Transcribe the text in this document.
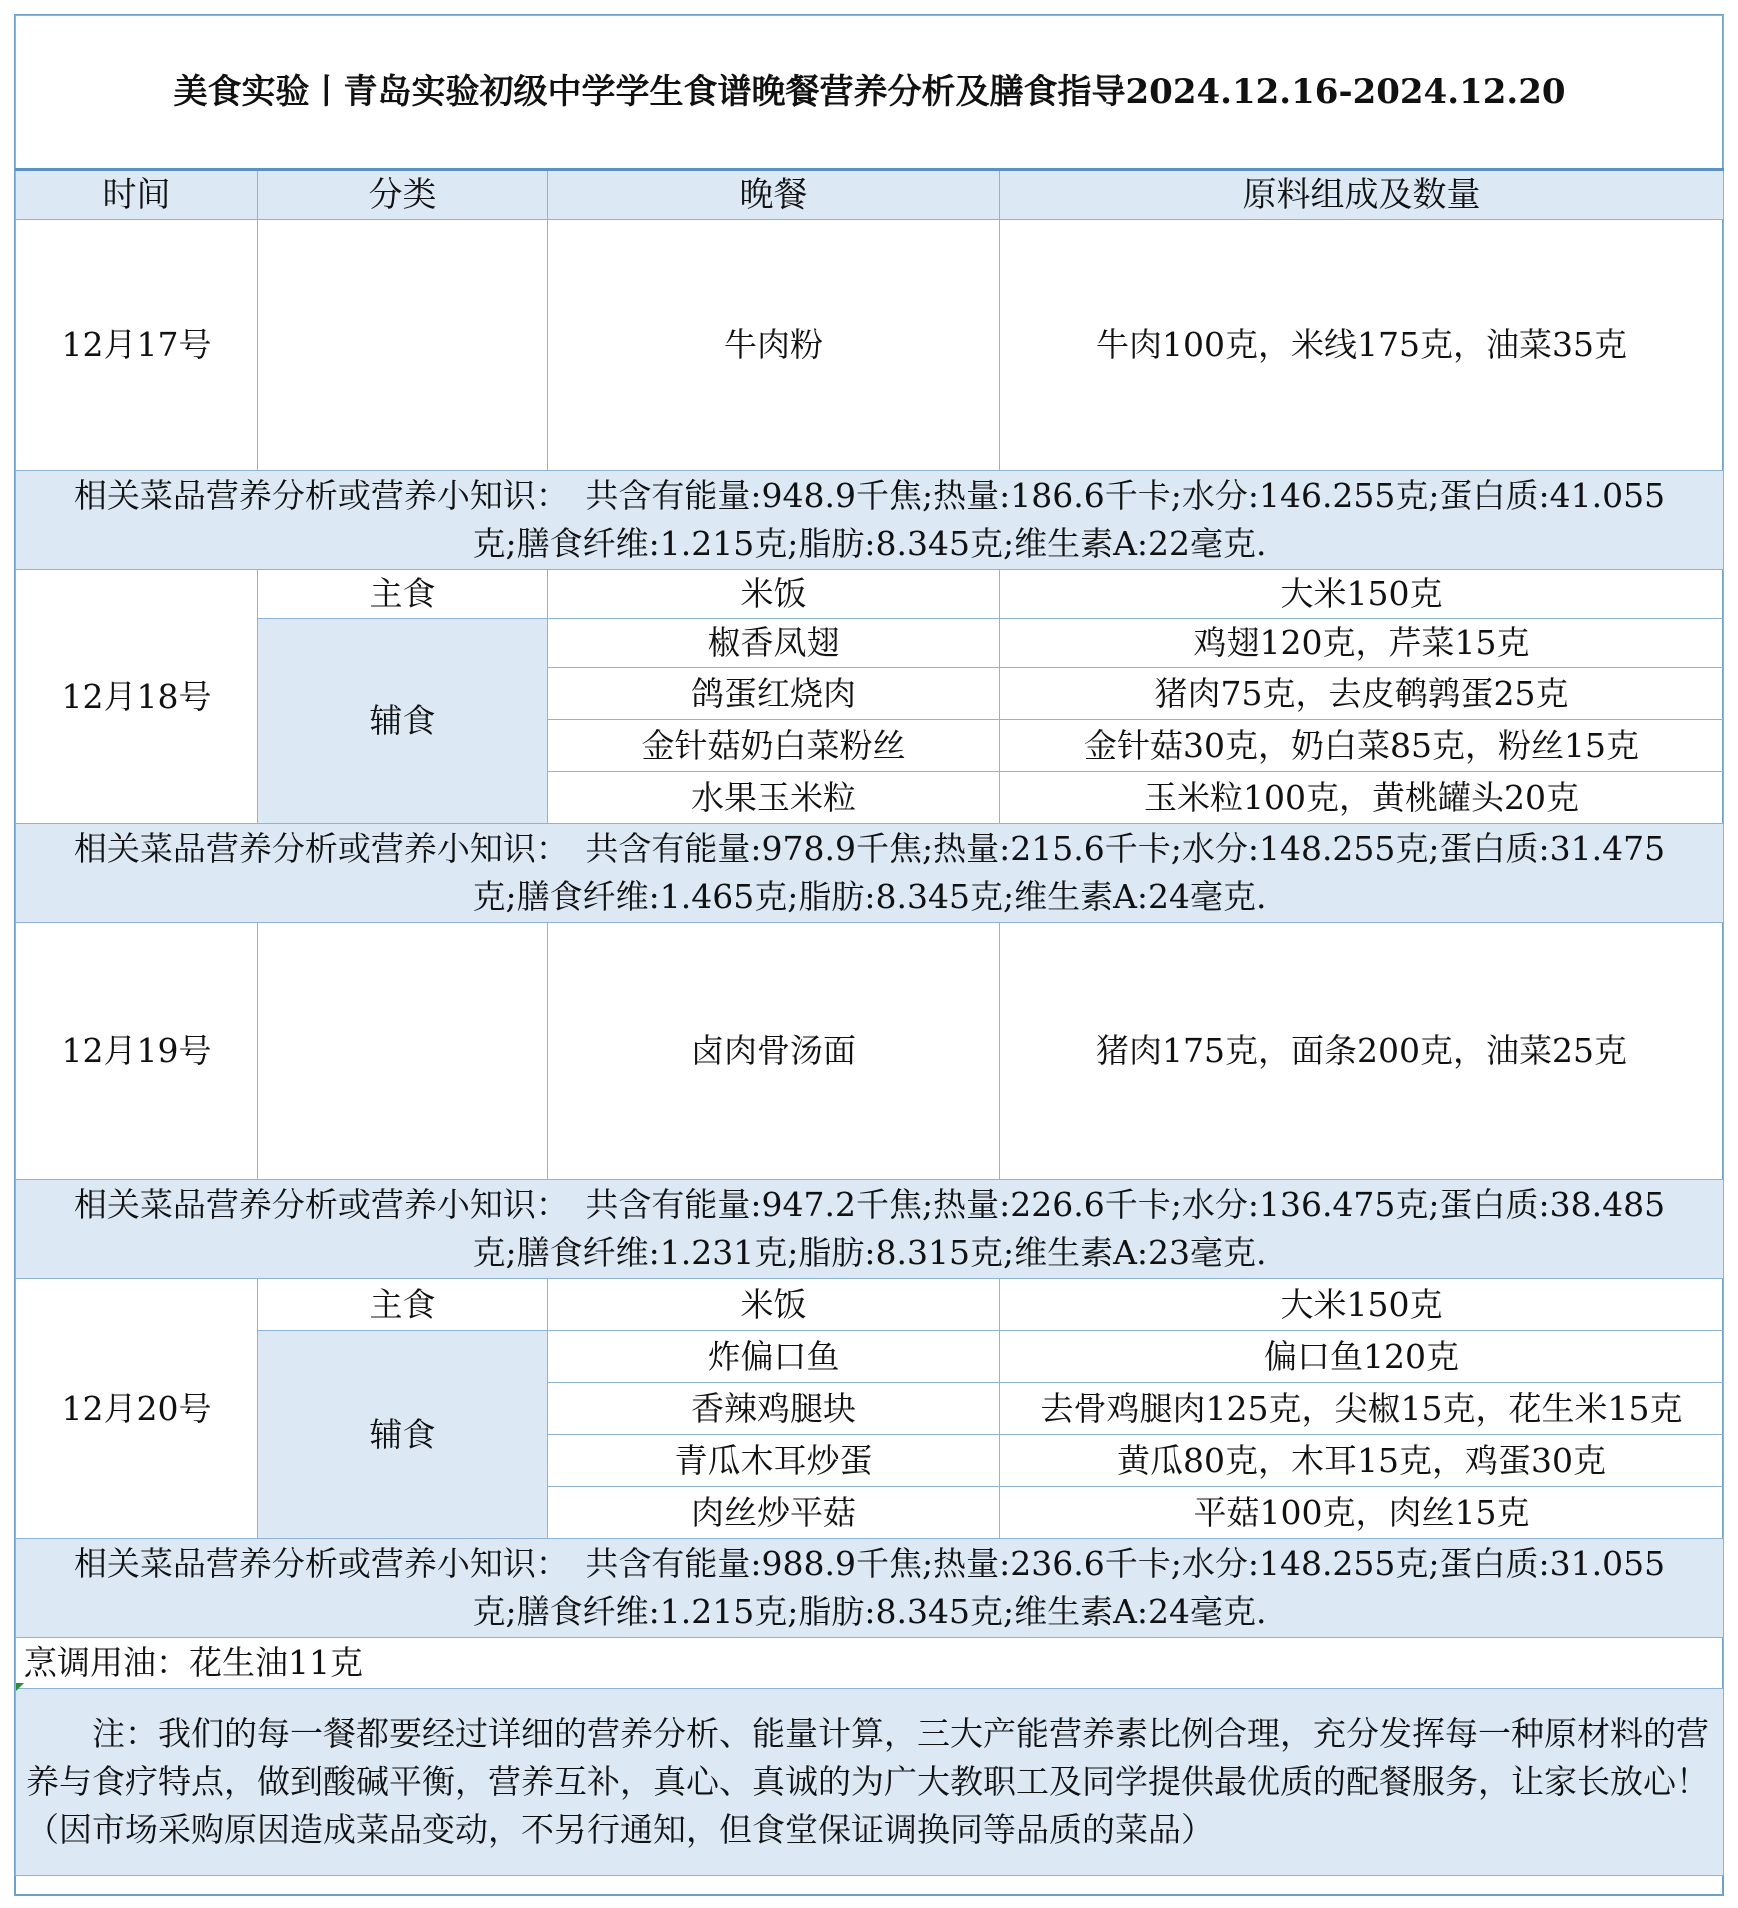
美食实验丨青岛实验初级中学学生食谱晚餐营养分析及膳食指导2024.12.16-2024.12.20			
时间	分类	晚餐	原料组成及数量
12月17号		牛肉粉	牛肉100克，米线175克，油菜35克
相关菜品营养分析或营养小知识：　共含有能量:948.9千焦;热量:186.6千卡;水分:146.255克;蛋白质:41.055克;膳食纤维:1.215克;脂肪:8.345克;维生素A:22毫克.			
12月18号	主食	米饭	大米150克
	辅食	椒香凤翅	鸡翅120克，芹菜15克
		鸽蛋红烧肉	猪肉75克，去皮鹌鹑蛋25克
		金针菇奶白菜粉丝	金针菇30克，奶白菜85克，粉丝15克
		水果玉米粒	玉米粒100克，黄桃罐头20克
相关菜品营养分析或营养小知识：　共含有能量:978.9千焦;热量:215.6千卡;水分:148.255克;蛋白质:31.475克;膳食纤维:1.465克;脂肪:8.345克;维生素A:24毫克.			
12月19号		卤肉骨汤面	猪肉175克，面条200克，油菜25克
相关菜品营养分析或营养小知识：　共含有能量:947.2千焦;热量:226.6千卡;水分:136.475克;蛋白质:38.485克;膳食纤维:1.231克;脂肪:8.315克;维生素A:23毫克.			
12月20号	主食	米饭	大米150克
	辅食	炸偏口鱼	偏口鱼120克
		香辣鸡腿块	去骨鸡腿肉125克，尖椒15克，花生米15克
		青瓜木耳炒蛋	黄瓜80克，木耳15克，鸡蛋30克
		肉丝炒平菇	平菇100克，肉丝15克
相关菜品营养分析或营养小知识：　共含有能量:988.9千焦;热量:236.6千卡;水分:148.255克;蛋白质:31.055克;膳食纤维:1.215克;脂肪:8.345克;维生素A:24毫克.			
烹调用油：花生油11克			
注：我们的每一餐都要经过详细的营养分析、能量计算，三大产能营养素比例合理，充分发挥每一种原材料的营养与食疗特点，做到酸碱平衡，营养互补，真心、真诚的为广大教职工及同学提供最优质的配餐服务，让家长放心！（因市场采购原因造成菜品变动，不另行通知，但食堂保证调换同等品质的菜品）			
